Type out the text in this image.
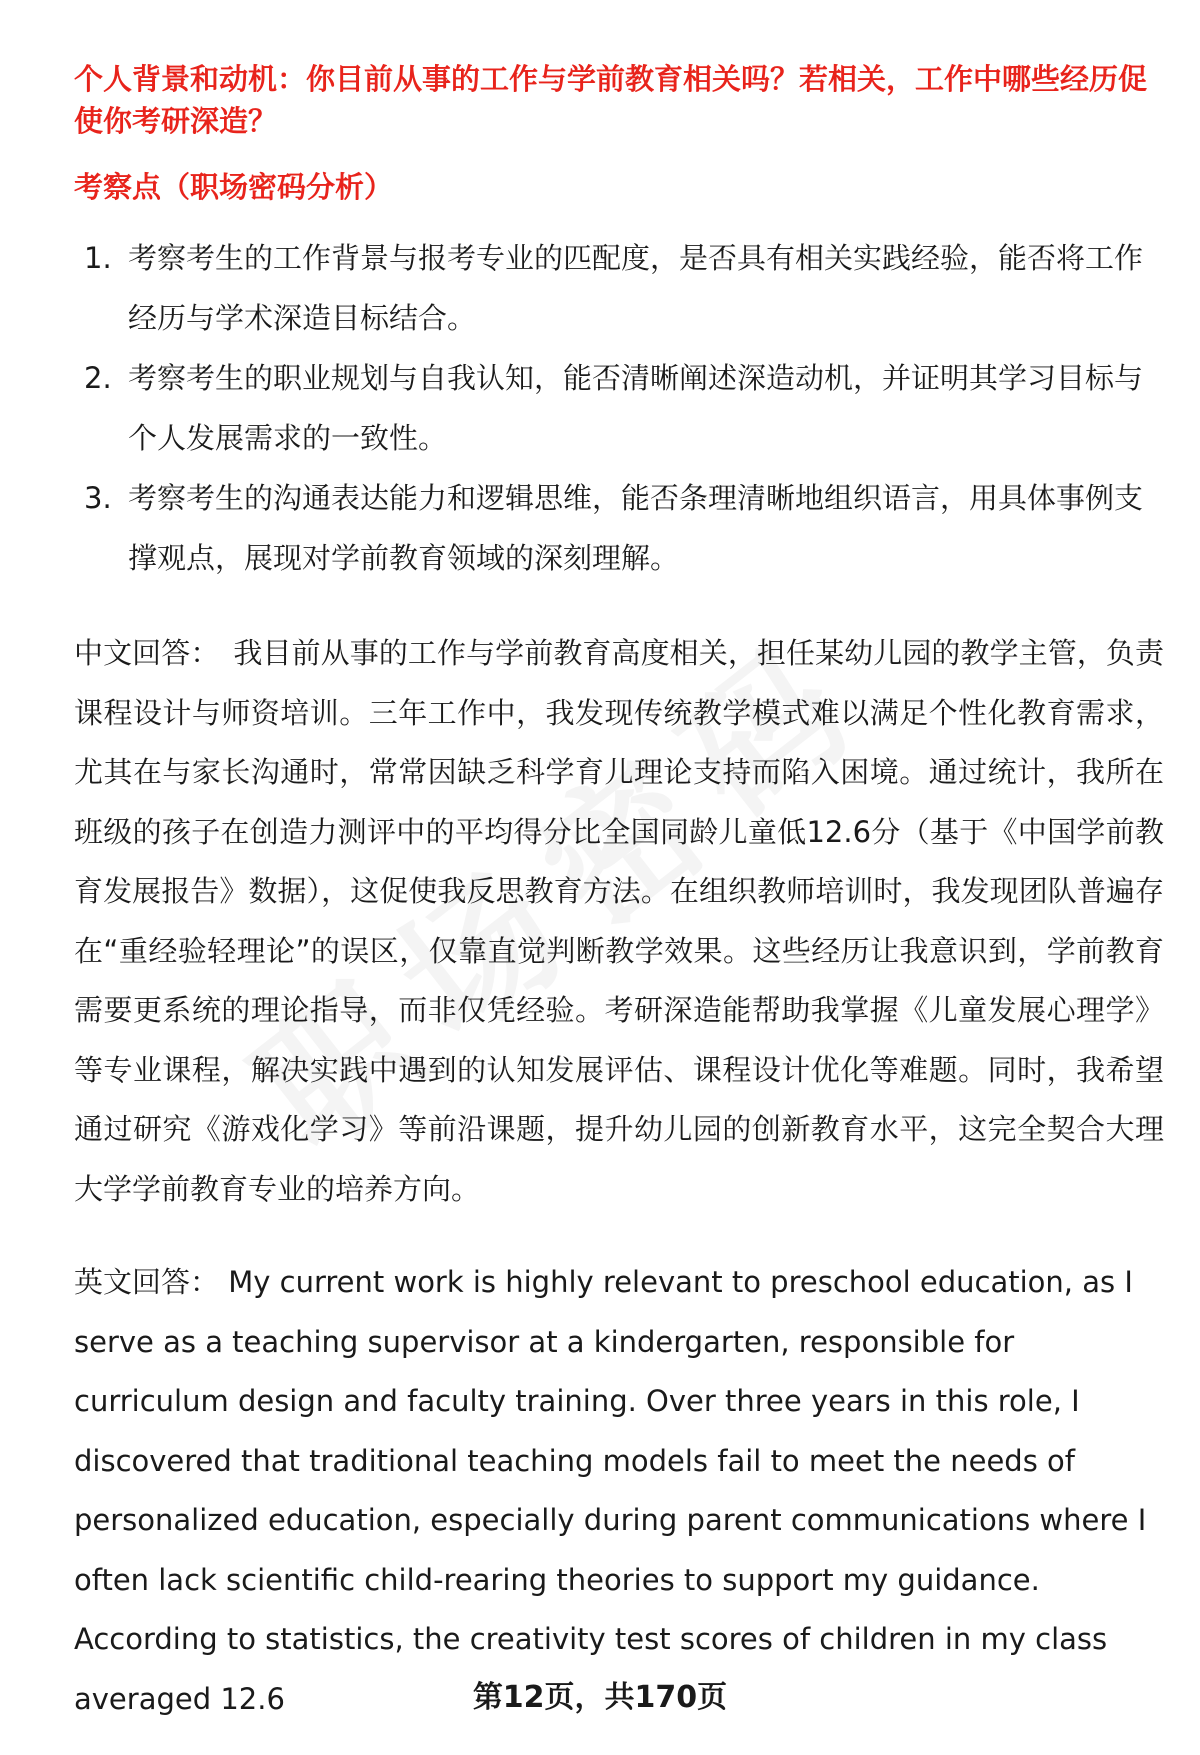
个人背景和动机：你目前从事的工作与学前教育相关吗？若相关，工作中哪些经历促使你考研深造？

考察点（职场密码分析）

1. 考察考生的工作背景与报考专业的匹配度，是否具有相关实践经验，能否将工作经历与学术深造目标结合。
2. 考察考生的职业规划与自我认知，能否清晰阐述深造动机，并证明其学习目标与个人发展需求的一致性。
3. 考察考生的沟通表达能力和逻辑思维，能否条理清晰地组织语言，用具体事例支撑观点，展现对学前教育领域的深刻理解。

中文回答： 我目前从事的工作与学前教育高度相关，担任某幼儿园的教学主管，负责课程设计与师资培训。三年工作中，我发现传统教学模式难以满足个性化教育需求，尤其在与家长沟通时，常常因缺乏科学育儿理论支持而陷入困境。通过统计，我所在班级的孩子在创造力测评中的平均得分比全国同龄儿童低12.6分（基于《中国学前教育发展报告》数据），这促使我反思教育方法。在组织教师培训时，我发现团队普遍存在“重经验轻理论”的误区，仅靠直觉判断教学效果。这些经历让我意识到，学前教育需要更系统的理论指导，而非仅凭经验。考研深造能帮助我掌握《儿童发展心理学》等专业课程，解决实践中遇到的认知发展评估、课程设计优化等难题。同时，我希望通过研究《游戏化学习》等前沿课题，提升幼儿园的创新教育水平，这完全契合大理大学学前教育专业的培养方向。

英文回答： My current work is highly relevant to preschool education, as I serve as a teaching supervisor at a kindergarten, responsible for curriculum design and faculty training. Over three years in this role, I discovered that traditional teaching models fail to meet the needs of personalized education, especially during parent communications where I often lack scientific child-rearing theories to support my guidance. According to statistics, the creativity test scores of children in my class averaged 12.6	第12页，共170页
